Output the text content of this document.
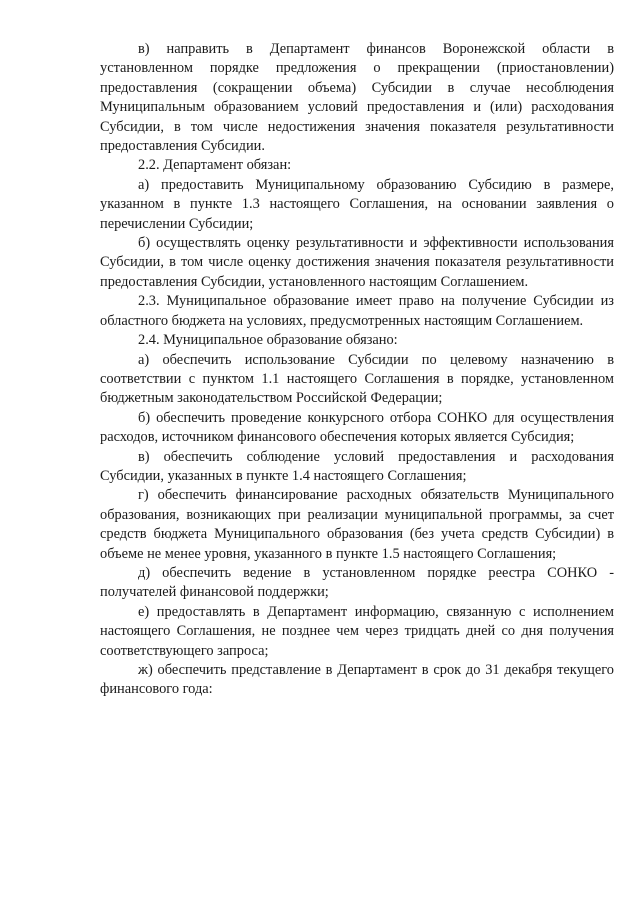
в) направить в Департамент финансов Воронежской области в установленном порядке предложения о прекращении (приостановлении) предоставления (сокращении объема) Субсидии в случае несоблюдения Муниципальным образованием условий предоставления и (или) расходования Субсидии, в том числе недостижения значения показателя результативности предоставления Субсидии.

2.2. Департамент обязан:

а) предоставить Муниципальному образованию Субсидию в размере, указанном в пункте 1.3 настоящего Соглашения, на основании заявления о перечислении Субсидии;

б) осуществлять оценку результативности и эффективности использования Субсидии, в том числе оценку достижения значения показателя результативности предоставления Субсидии, установленного настоящим Соглашением.

2.3. Муниципальное образование имеет право на получение Субсидии из областного бюджета на условиях, предусмотренных настоящим Соглашением.

2.4. Муниципальное образование обязано:

а) обеспечить использование Субсидии по целевому назначению в соответствии с пунктом 1.1 настоящего Соглашения в порядке, установленном бюджетным законодательством Российской Федерации;

б) обеспечить проведение конкурсного отбора СОНКО для осуществления расходов, источником финансового обеспечения которых является Субсидия;

в) обеспечить соблюдение условий предоставления и расходования Субсидии, указанных в пункте 1.4 настоящего Соглашения;

г) обеспечить финансирование расходных обязательств Муниципального образования, возникающих при реализации муниципальной программы, за счет средств бюджета Муниципального образования (без учета средств Субсидии) в объеме не менее уровня, указанного в пункте 1.5 настоящего Соглашения;

д) обеспечить ведение в установленном порядке реестра СОНКО - получателей финансовой поддержки;

е) предоставлять в Департамент информацию, связанную с исполнением настоящего Соглашения, не позднее чем через тридцать дней со дня получения соответствующего запроса;

ж) обеспечить представление в Департамент в срок до 31 декабря текущего финансового года:
